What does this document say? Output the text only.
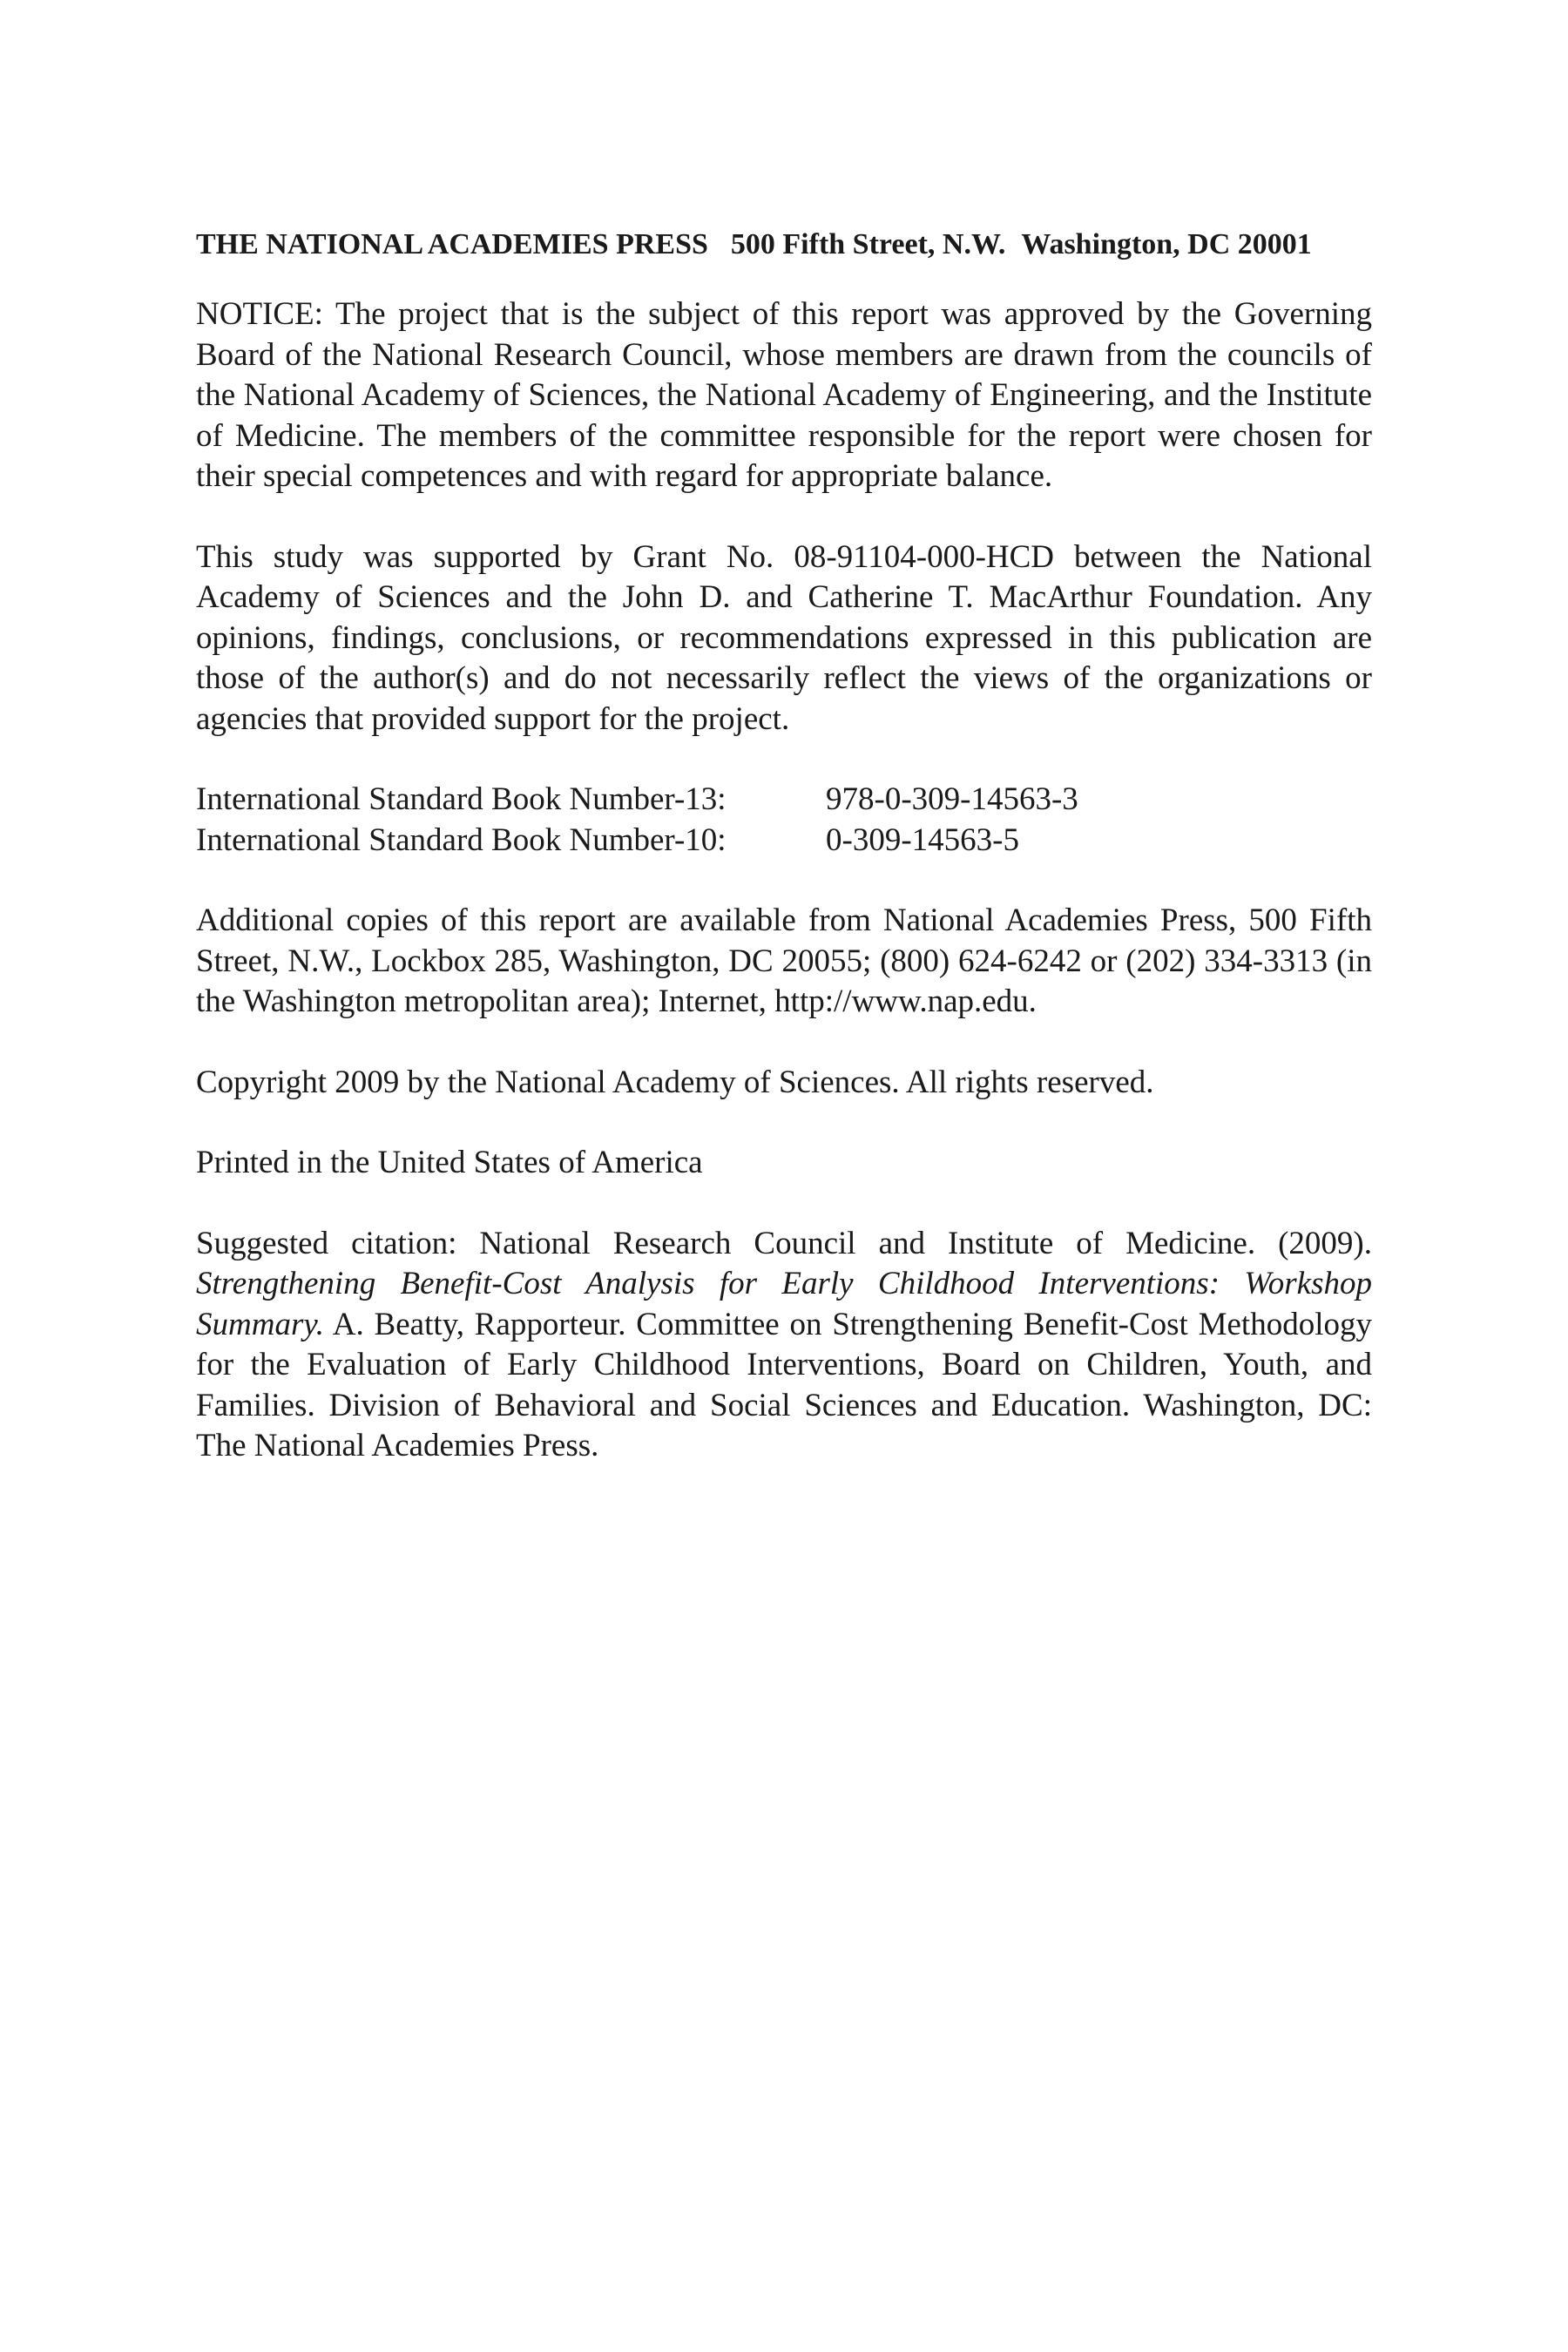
THE NATIONAL ACADEMIES PRESS 500 Fifth Street, N.W. Washington, DC 20001

NOTICE: The project that is the subject of this report was approved by the Governing Board of the National Research Council, whose members are drawn from the councils of the National Academy of Sciences, the National Academy of Engineering, and the Institute of Medicine. The members of the committee responsible for the report were chosen for their special competences and with regard for appropriate balance.

This study was supported by Grant No. 08-91104-000-HCD between the National Academy of Sciences and the John D. and Catherine T. MacArthur Foundation. Any opinions, findings, conclusions, or recommendations expressed in this publication are those of the author(s) and do not necessarily reflect the views of the organizations or agencies that provided support for the project.

International Standard Book Number-13:	978-0-309-14563-3
International Standard Book Number-10:	0-309-14563-5

Additional copies of this report are available from National Academies Press, 500 Fifth Street, N.W., Lockbox 285, Washington, DC 20055; (800) 624-6242 or (202) 334-3313 (in the Washington metropolitan area); Internet, http://www.nap.edu.

Copyright 2009 by the National Academy of Sciences. All rights reserved.

Printed in the United States of America

Suggested citation: National Research Council and Institute of Medicine. (2009). Strengthening Benefit-Cost Analysis for Early Childhood Interventions: Workshop Summary. A. Beatty, Rapporteur. Committee on Strengthening Benefit-Cost Methodology for the Evaluation of Early Childhood Interventions, Board on Children, Youth, and Families. Division of Behavioral and Social Sciences and Education. Washington, DC: The National Academies Press.
